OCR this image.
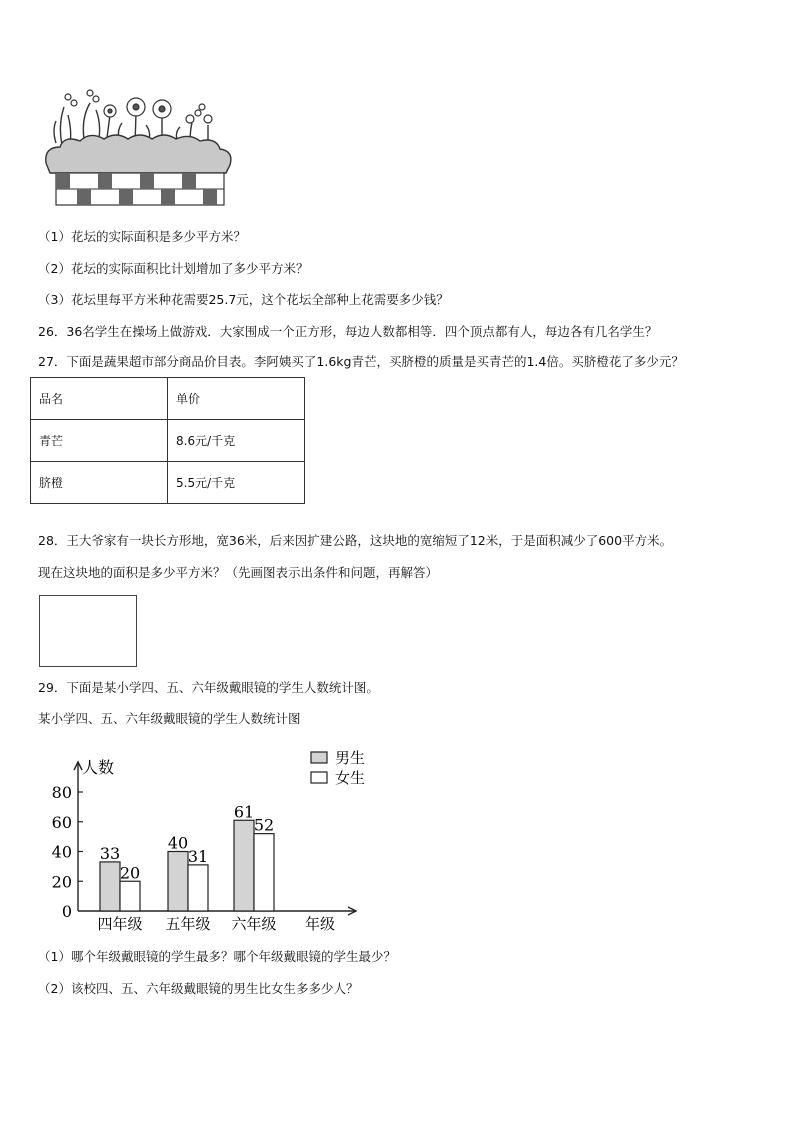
（1）花坛的实际面积是多少平方米？
（2）花坛的实际面积比计划增加了多少平方米？
（3）花坛里每平方米种花需要25.7元，这个花坛全部种上花需要多少钱？
26．36名学生在操场上做游戏．大家围成一个正方形，每边人数都相等．四个顶点都有人，每边各有几名学生？
27．下面是蔬果超市部分商品价目表。李阿姨买了1.6kg青芒，买脐橙的质量是买青芒的1.4倍。买脐橙花了多少元？
品名	单价
青芒	8.6元/千克
脐橙	5.5元/千克
28．王大爷家有一块长方形地，宽36米，后来因扩建公路，这块地的宽缩短了12米，于是面积减少了600平方米。
现在这块地的面积是多少平方米？（先画图表示出条件和问题，再解答）
29．下面是某小学四、五、六年级戴眼镜的学生人数统计图。
某小学四、五、六年级戴眼镜的学生人数统计图
0
20
40
60
80
人数
33
20
四年级
40
31
五年级
61
52
六年级 年级
男生
女生
（1）哪个年级戴眼镜的学生最多？哪个年级戴眼镜的学生最少？
（2）该校四、五、六年级戴眼镜的男生比女生多多少人？
